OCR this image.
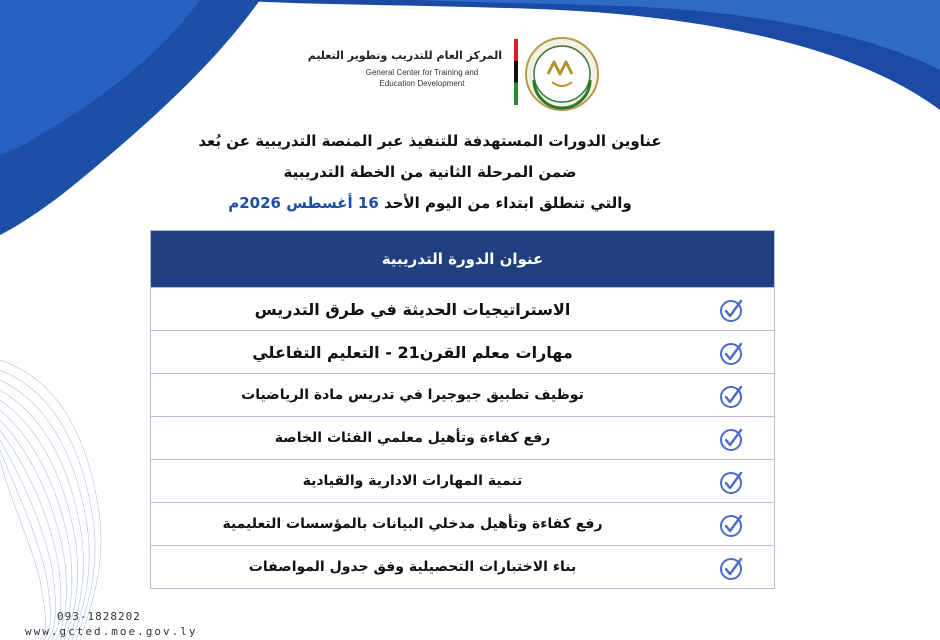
المركز العام للتدريب وتطوير التعليم
General Center for Training and
Education Development
عناوين الدورات المستهدفة للتنفيذ عبر المنصة التدريبية عن بُعد
ضمن المرحلة الثانية من الخطة التدريبية
والتي تنطلق ابتداء من اليوم الأحد 16 أغسطس 2026م
عنوان الدورة التدريبية
الاستراتيجيات الحديثة في طرق التدريس
مهارات معلم القرن21 - التعليم التفاعلي
توظيف تطبيق جيوجيرا في تدريس مادة الرياضيات
رفع كفاءة وتأهيل معلمي الفئات الخاصة
تنمية المهارات الادارية والقيادية
رفع كفاءة وتأهيل مدخلي البيانات بالمؤسسات التعليمية
بناء الاختبارات التحصيلية وفق جدول المواصفات
093-1828202
www.gcted.moe.gov.ly
